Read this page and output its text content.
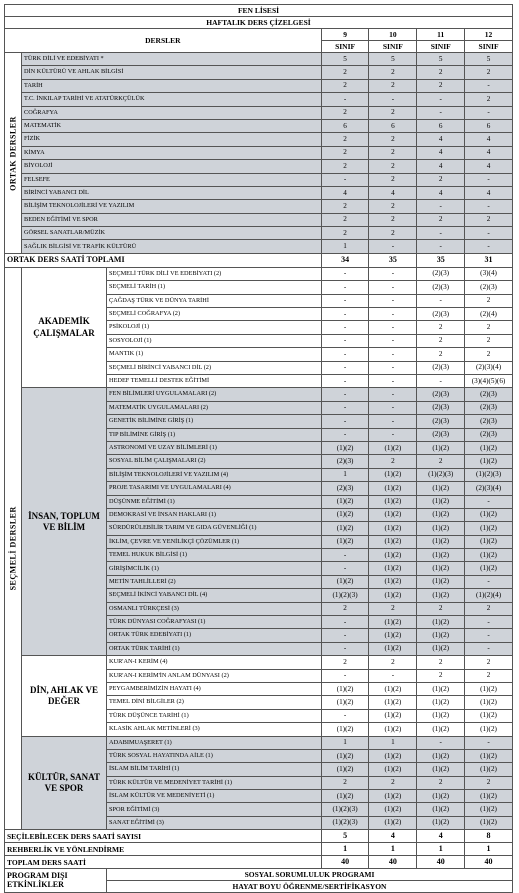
FEN LİSESİ						
HAFTALIK DERS ÇİZELGESİ						
DERSLER			9	10	11	12
			SINIF	SINIF	SINIF	SINIF
ORTAK DERSLER	TÜRK DİLİ VE EDEBİYATI *		5	5	5	5
	DİN KÜLTÜRÜ VE AHLAK BİLGİSİ		2	2	2	2
	TARİH		2	2	2	-
	T.C. İNKILAP TARİHİ VE ATATÜRKÇÜLÜK		-	-	-	2
	COĞRAFYA		2	2	-	-
	MATEMATİK		6	6	6	6
	FİZİK		2	2	4	4
	KİMYA		2	2	4	4
	BİYOLOJİ		2	2	4	4
	FELSEFE		-	2	2	-
	BİRİNCİ YABANCI DİL		4	4	4	4
	BİLİŞİM TEKNOLOJİLERİ VE YAZILIM		2	2	-	-
	BEDEN EĞİTİMİ VE SPOR		2	2	2	2
	GÖRSEL SANATLAR/MÜZİK		2	2	-	-
	SAĞLIK BİLGİSİ VE TRAFİK KÜLTÜRÜ		1	-	-	-
ORTAK DERS SAATİ TOPLAMI			34	35	35	31
SEÇMELİ DERSLER	AKADEMİK ÇALIŞMALAR	SEÇMELİ TÜRK DİLİ VE EDEBİYATI (2)	-	-	(2)(3)	(3)(4)
		SEÇMELİ TARİH (1)	-	-	(2)(3)	(2)(3)
		ÇAĞDAŞ TÜRK VE DÜNYA TARİHİ	-	-	-	2
		SEÇMELİ COĞRAFYA (2)	-	-	(2)(3)	(2)(4)
		PSİKOLOJİ (1)	-	-	2	2
		SOSYOLOJİ (1)	-	-	2	2
		MANTIK (1)	-	-	2	2
		SEÇMELİ BİRİNCİ YABANCI DİL (2)	-	-	(2)(3)	(2)(3)(4)
		HEDEF TEMELLİ DESTEK EĞİTİMİ	-	-	-	(3)(4)(5)(6)
	İNSAN, TOPLUM VE BİLİM	FEN BİLİMLERİ UYGULAMALARI (2)	-	-	(2)(3)	(2)(3)
		MATEMATİK UYGULAMALARI (2)	-	-	(2)(3)	(2)(3)
		GENETİK BİLİMİNE GİRİŞ (1)	-	-	(2)(3)	(2)(3)
		TIP BİLİMİNE GİRİŞ (1)	-	-	(2)(3)	(2)(3)
		ASTRONOMİ VE UZAY BİLİMLERİ (1)	(1)(2)	(1)(2)	(1)(2)	(1)(2)
		SOSYAL BİLİM ÇALIŞMALARI (2)	(2)(3)	2	2	(1)(2)
		BİLİŞİM TEKNOLOJİLERİ VE YAZILIM (4)	1	(1)(2)	(1)(2)(3)	(1)(2)(3)
		PROJE TASARIMI VE UYGULAMALARI (4)	(2)(3)	(1)(2)	(1)(2)	(2)(3)(4)
		DÜŞÜNME EĞİTİMİ (1)	(1)(2)	(1)(2)	(1)(2)	-
		DEMOKRASİ VE İNSAN HAKLARI (1)	(1)(2)	(1)(2)	(1)(2)	(1)(2)
		SÜRDÜRÜLEBİLİR TARIM VE GIDA GÜVENLİĞİ (1)	(1)(2)	(1)(2)	(1)(2)	(1)(2)
		İKLİM, ÇEVRE VE YENİLİKÇİ ÇÖZÜMLER (1)	(1)(2)	(1)(2)	(1)(2)	(1)(2)
		TEMEL HUKUK BİLGİSİ (1)	-	(1)(2)	(1)(2)	(1)(2)
		GİRİŞİMCİLİK (1)	-	(1)(2)	(1)(2)	(1)(2)
		METİN TAHLİLLERİ (2)	(1)(2)	(1)(2)	(1)(2)	-
		SEÇMELİ İKİNCİ YABANCI DİL (4)	(1)(2)(3)	(1)(2)	(1)(2)	(1)(2)(4)
		OSMANLI TÜRKÇESİ (3)	2	2	2	2
		TÜRK DÜNYASI COĞRAFYASI (1)	-	(1)(2)	(1)(2)	-
		ORTAK TÜRK EDEBİYATI (1)	-	(1)(2)	(1)(2)	-
		ORTAK TÜRK TARİHİ (1)	-	(1)(2)	(1)(2)	-
	DİN, AHLAK VE DEĞER	KUR'AN-I KERİM (4)	2	2	2	2
		KUR'AN-I KERİM'İN ANLAM DÜNYASI (2)	-	-	2	2
		PEYGAMBERİMİZİN HAYATI (4)	(1)(2)	(1)(2)	(1)(2)	(1)(2)
		TEMEL DİNİ BİLGİLER (2)	(1)(2)	(1)(2)	(1)(2)	(1)(2)
		TÜRK DÜŞÜNCE TARİHİ (1)	-	(1)(2)	(1)(2)	(1)(2)
		KLASİK AHLAK METİNLERİ (3)	(1)(2)	(1)(2)	(1)(2)	(1)(2)
	KÜLTÜR, SANAT VE SPOR	ADABIMUAŞERET (1)	1	1	-	-
		TÜRK SOSYAL HAYATINDA AİLE (1)	(1)(2)	(1)(2)	(1)(2)	(1)(2)
		İSLAM BİLİM TARİHİ (1)	(1)(2)	(1)(2)	(1)(2)	(1)(2)
		TÜRK KÜLTÜR VE MEDENİYET TARİHİ (1)	2	2	2	2
		İSLAM KÜLTÜR VE MEDENİYETİ (1)	(1)(2)	(1)(2)	(1)(2)	(1)(2)
		SPOR EĞİTİMİ (3)	(1)(2)(3)	(1)(2)	(1)(2)	(1)(2)
		SANAT EĞİTİMİ (3)	(1)(2)(3)	(1)(2)	(1)(2)	(1)(2)
SEÇİLEBİLECEK DERS SAATİ SAYISI			5	4	4	8
REHBERLİK VE YÖNLENDİRME			1	1	1	1
TOPLAM DERS SAATİ			40	40	40	40
PROGRAM DIŞI ETKİNLİKLER		SOSYAL SORUMLULUK PROGRAMI				
		HAYAT BOYU ÖĞRENME/SERTİFİKASYON				
